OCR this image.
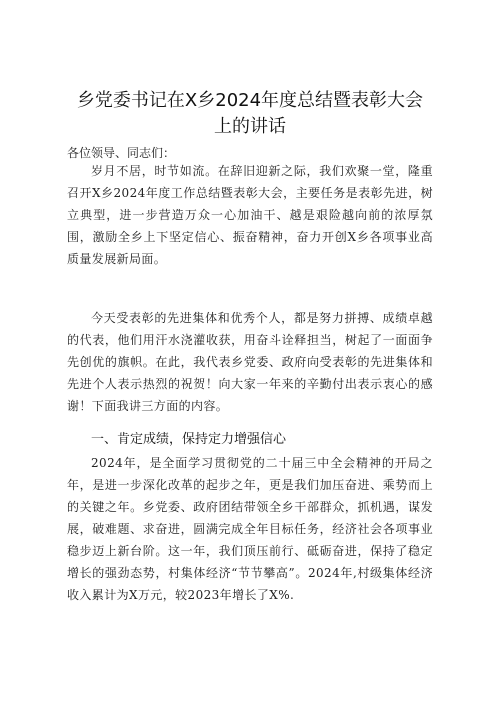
乡党委书记在X乡2024年度总结暨表彰大会
上的讲话
各位领导、同志们：

岁月不居，时节如流。在辞旧迎新之际，我们欢聚一堂，隆重召开X乡2024年度工作总结暨表彰大会，主要任务是表彰先进，树立典型，进一步营造万众一心加油干、越是艰险越向前的浓厚氛围，激励全乡上下坚定信心、振奋精神，奋力开创X乡各项事业高质量发展新局面。

今天受表彰的先进集体和优秀个人，都是努力拼搏、成绩卓越的代表，他们用汗水浇灌收获，用奋斗诠释担当，树起了一面面争先创优的旗帜。在此，我代表乡党委、政府向受表彰的先进集体和先进个人表示热烈的祝贺！向大家一年来的辛勤付出表示衷心的感谢！下面我讲三方面的内容。

一、肯定成绩，保持定力增强信心

2024年，是全面学习贯彻党的二十届三中全会精神的开局之年，是进一步深化改革的起步之年，更是我们加压奋进、乘势而上的关键之年。乡党委、政府团结带领全乡干部群众，抓机遇，谋发展，破难题、求奋进，圆满完成全年目标任务，经济社会各项事业稳步迈上新台阶。这一年，我们顶压前行、砥砺奋进，保持了稳定增长的强劲态势，村集体经济“节节攀高”。2024年,村级集体经济收入累计为X万元，较2023年增长了X%.
